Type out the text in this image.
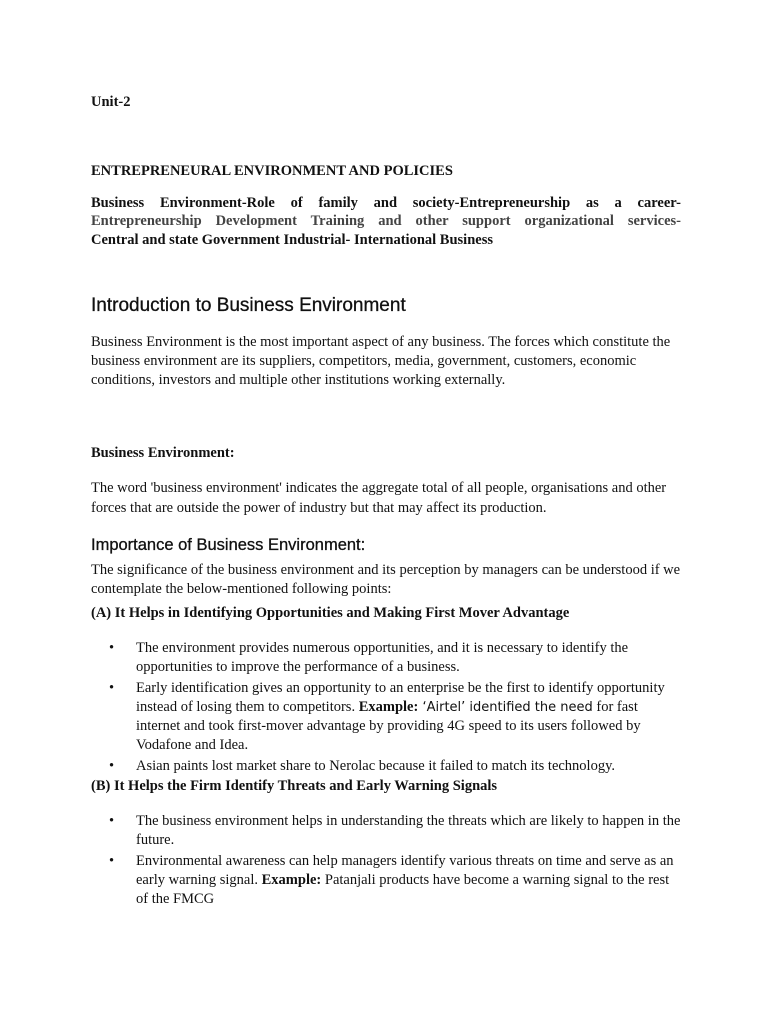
Unit-2

ENTREPRENEURAL ENVIRONMENT AND POLICIES

Business Environment-Role of family and society-Entrepreneurship as a career-

Entrepreneurship Development Training and other support organizational services-

Central and state Government Industrial- International Business

Introduction to Business Environment

Business Environment is the most important aspect of any business. The forces which constitute the business environment are its suppliers, competitors, media, government, customers, economic conditions, investors and multiple other institutions working externally.

Business Environment:

The word 'business environment' indicates the aggregate total of all people, organisations and other forces that are outside the power of industry but that may affect its production.

Importance of Business Environment:

The significance of the business environment and its perception by managers can be understood if we contemplate the below-mentioned following points:

(A) It Helps in Identifying Opportunities and Making First Mover Advantage

• The environment provides numerous opportunities, and it is necessary to identify the opportunities to improve the performance of a business.
• Early identification gives an opportunity to an enterprise be the first to identify opportunity instead of losing them to competitors. Example: ‘Airtel’ identified the need for fast internet and took first-mover advantage by providing 4G speed to its users followed by Vodafone and Idea.
• Asian paints lost market share to Nerolac because it failed to match its technology.

(B) It Helps the Firm Identify Threats and Early Warning Signals

• The business environment helps in understanding the threats which are likely to happen in the future.
• Environmental awareness can help managers identify various threats on time and serve as an early warning signal. Example: Patanjali products have become a warning signal to the rest of the FMCG
